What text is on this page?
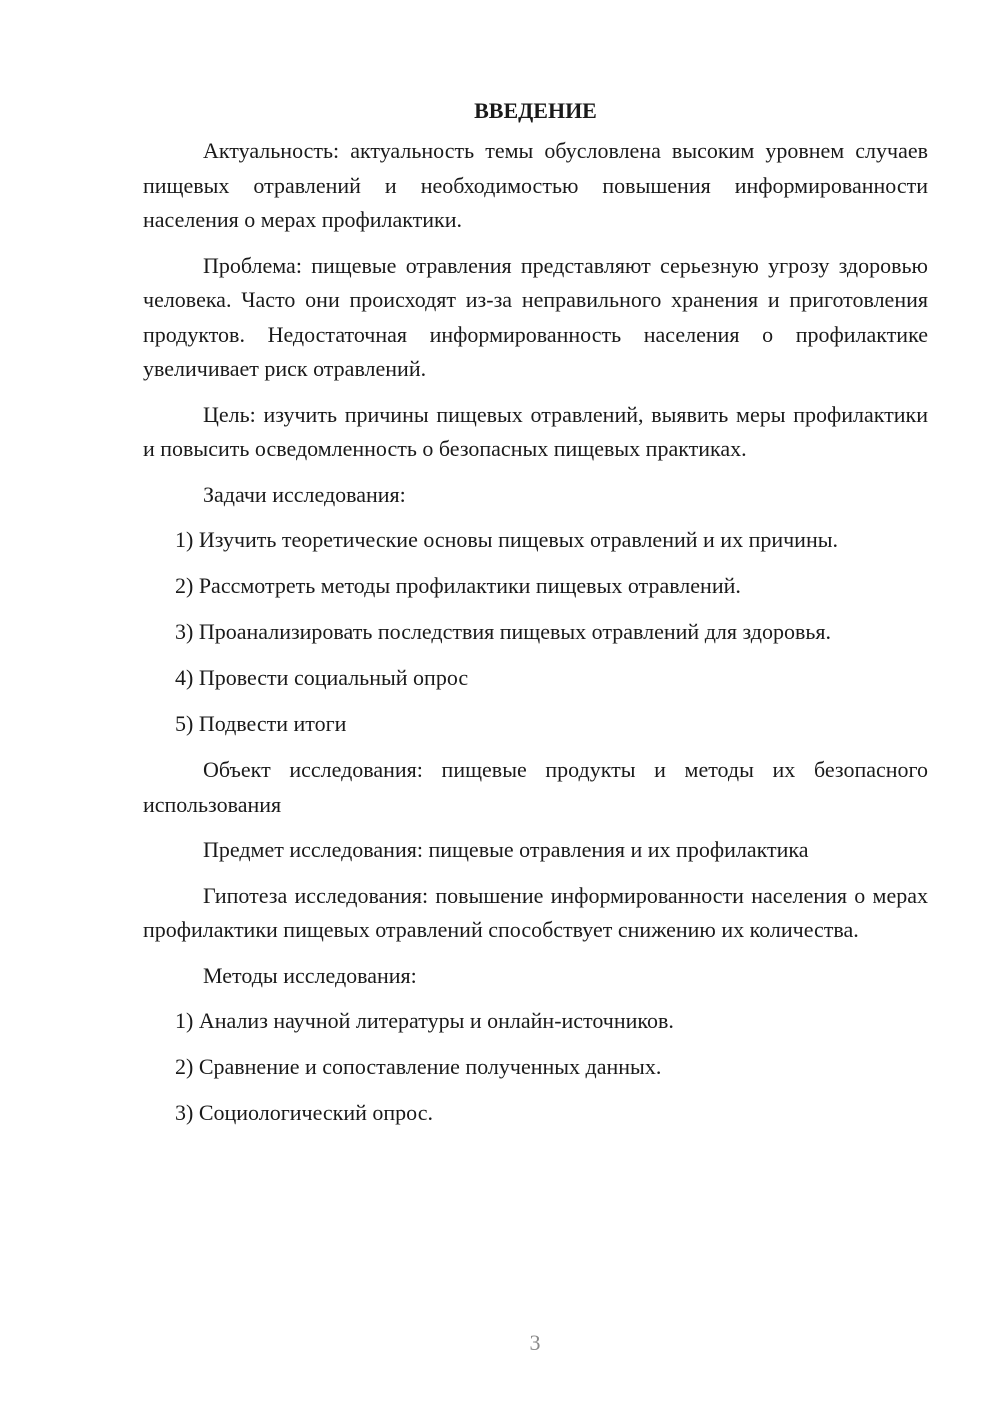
ВВЕДЕНИЕ

Актуальность: актуальность темы обусловлена высоким уровнем случаев пищевых отравлений и необходимостью повышения информированности населения о мерах профилактики.

Проблема: пищевые отравления представляют серьезную угрозу здоровью человека. Часто они происходят из-за неправильного хранения и приготовления продуктов. Недостаточная информированность населения о профилактике увеличивает риск отравлений.

Цель: изучить причины пищевых отравлений, выявить меры профилактики и повысить осведомленность о безопасных пищевых практиках.

Задачи исследования:

1) Изучить теоретические основы пищевых отравлений и их причины.
2) Рассмотреть методы профилактики пищевых отравлений.
3) Проанализировать последствия пищевых отравлений для здоровья.
4) Провести социальный опрос
5) Подвести итоги

Объект исследования: пищевые продукты и методы их безопасного использования

Предмет исследования: пищевые отравления и их профилактика

Гипотеза исследования: повышение информированности населения о мерах профилактики пищевых отравлений способствует снижению их количества.

Методы исследования:

1) Анализ научной литературы и онлайн-источников.
2) Сравнение и сопоставление полученных данных.
3) Социологический опрос.
3
